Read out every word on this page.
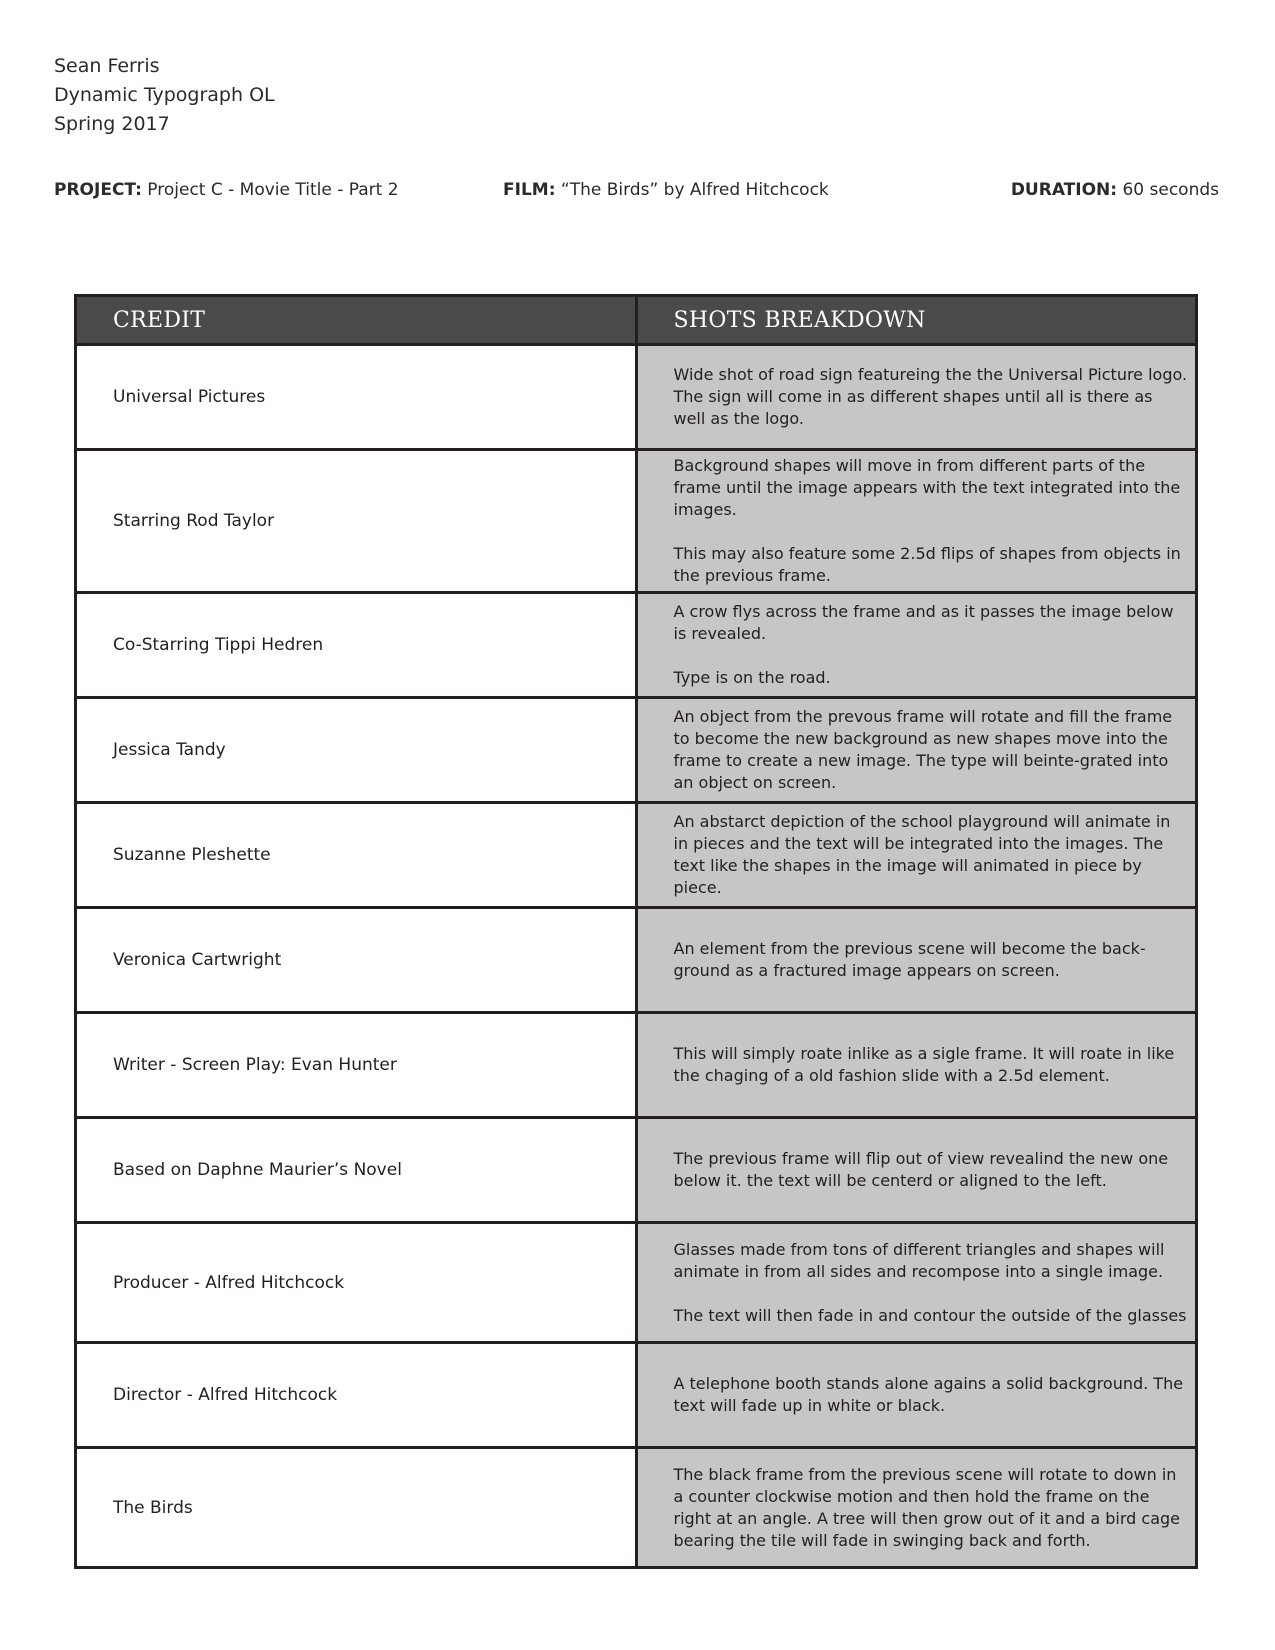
Sean Ferris
Dynamic Typograph OL
Spring 2017
PROJECT: Project C - Movie Title - Part 2	FILM: “The Birds” by Alfred Hitchcock	DURATION: 60 seconds
CREDIT	SHOTS BREAKDOWN
Universal Pictures	Wide shot of road sign featureing the the Universal Picture logo. The sign will come in as different shapes until all is there as well as the logo.

Starring Rod Taylor	Background shapes will move in from different parts of the frame until the image appears with the text integrated into the images.

This may also feature some 2.5d flips of shapes from objects in the previous frame.

Co-Starring Tippi Hedren	A crow flys across the frame and as it passes the image below is revealed.

Type is on the road.

Jessica Tandy	An object from the prevous frame will rotate and fill the frame to become the new background as new shapes move into the frame to create a new image. The type will beinte-grated into an object on screen.

Suzanne Pleshette	An abstarct depiction of the school playground will animate in in pieces and the text will be integrated into the images. The text like the shapes in the image will animated in piece by piece.

Veronica Cartwright	An element from the previous scene will become the back-ground as a fractured image appears on screen.

Writer - Screen Play: Evan Hunter	This will simply roate inlike as a sigle frame. It will roate in like the chaging of a old fashion slide with a 2.5d element.

Based on Daphne Maurier’s Novel	The previous frame will flip out of view revealind the new one below it. the text will be centerd or aligned to the left.

Producer - Alfred Hitchcock	Glasses made from tons of different triangles and shapes will animate in from all sides and recompose into a single image.

The text will then fade in and contour the outside of the glasses

Director - Alfred Hitchcock	A telephone booth stands alone agains a solid background. The text will fade up in white or black.

The Birds	The black frame from the previous scene will rotate to down in a counter clockwise motion and then hold the frame on the right at an angle. A tree will then grow out of it and a bird cage bearing the tile will fade in swinging back and forth.
